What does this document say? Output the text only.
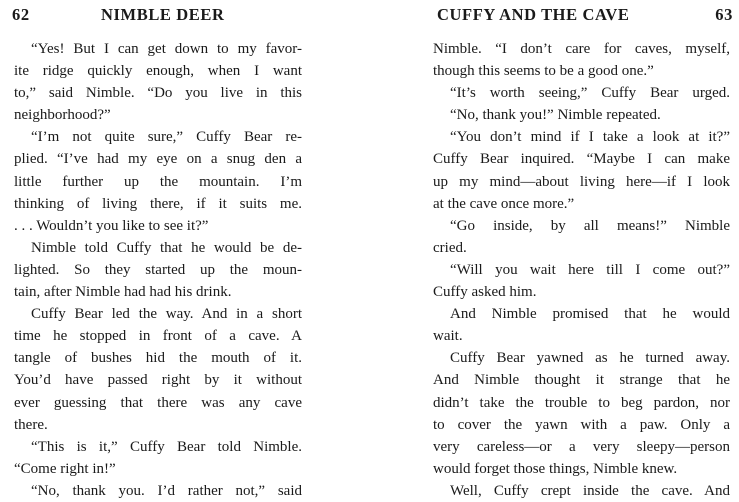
62	NIMBLE DEER
“Yes! But I can get down to my favor-
ite ridge quickly enough, when I want
to,” said Nimble. “Do you live in this
neighborhood?”
“I’m not quite sure,” Cuffy Bear re-
plied. “I’ve had my eye on a snug den a
little further up the mountain. I’m
thinking of living there, if it suits me.
. . . Wouldn’t you like to see it?”
Nimble told Cuffy that he would be de-
lighted. So they started up the moun-
tain, after Nimble had had his drink.
Cuffy Bear led the way. And in a short
time he stopped in front of a cave. A
tangle of bushes hid the mouth of it.
You’d have passed right by it without
ever guessing that there was any cave
there.
“This is it,” Cuffy Bear told Nimble.
“Come right in!”
“No, thank you. I’d rather not,” said
CUFFY AND THE CAVE	63
Nimble. “I don’t care for caves, myself,
though this seems to be a good one.”
“It’s worth seeing,” Cuffy Bear urged.
“No, thank you!” Nimble repeated.
“You don’t mind if I take a look at it?”
Cuffy Bear inquired. “Maybe I can make
up my mind—about living here—if I look
at the cave once more.”
“Go inside, by all means!” Nimble
cried.
“Will you wait here till I come out?”
Cuffy asked him.
And Nimble promised that he would
wait.
Cuffy Bear yawned as he turned away.
And Nimble thought it strange that he
didn’t take the trouble to beg pardon, nor
to cover the yawn with a paw. Only a
very careless—or a very sleepy—person
would forget those things, Nimble knew.
Well, Cuffy crept inside the cave. And
